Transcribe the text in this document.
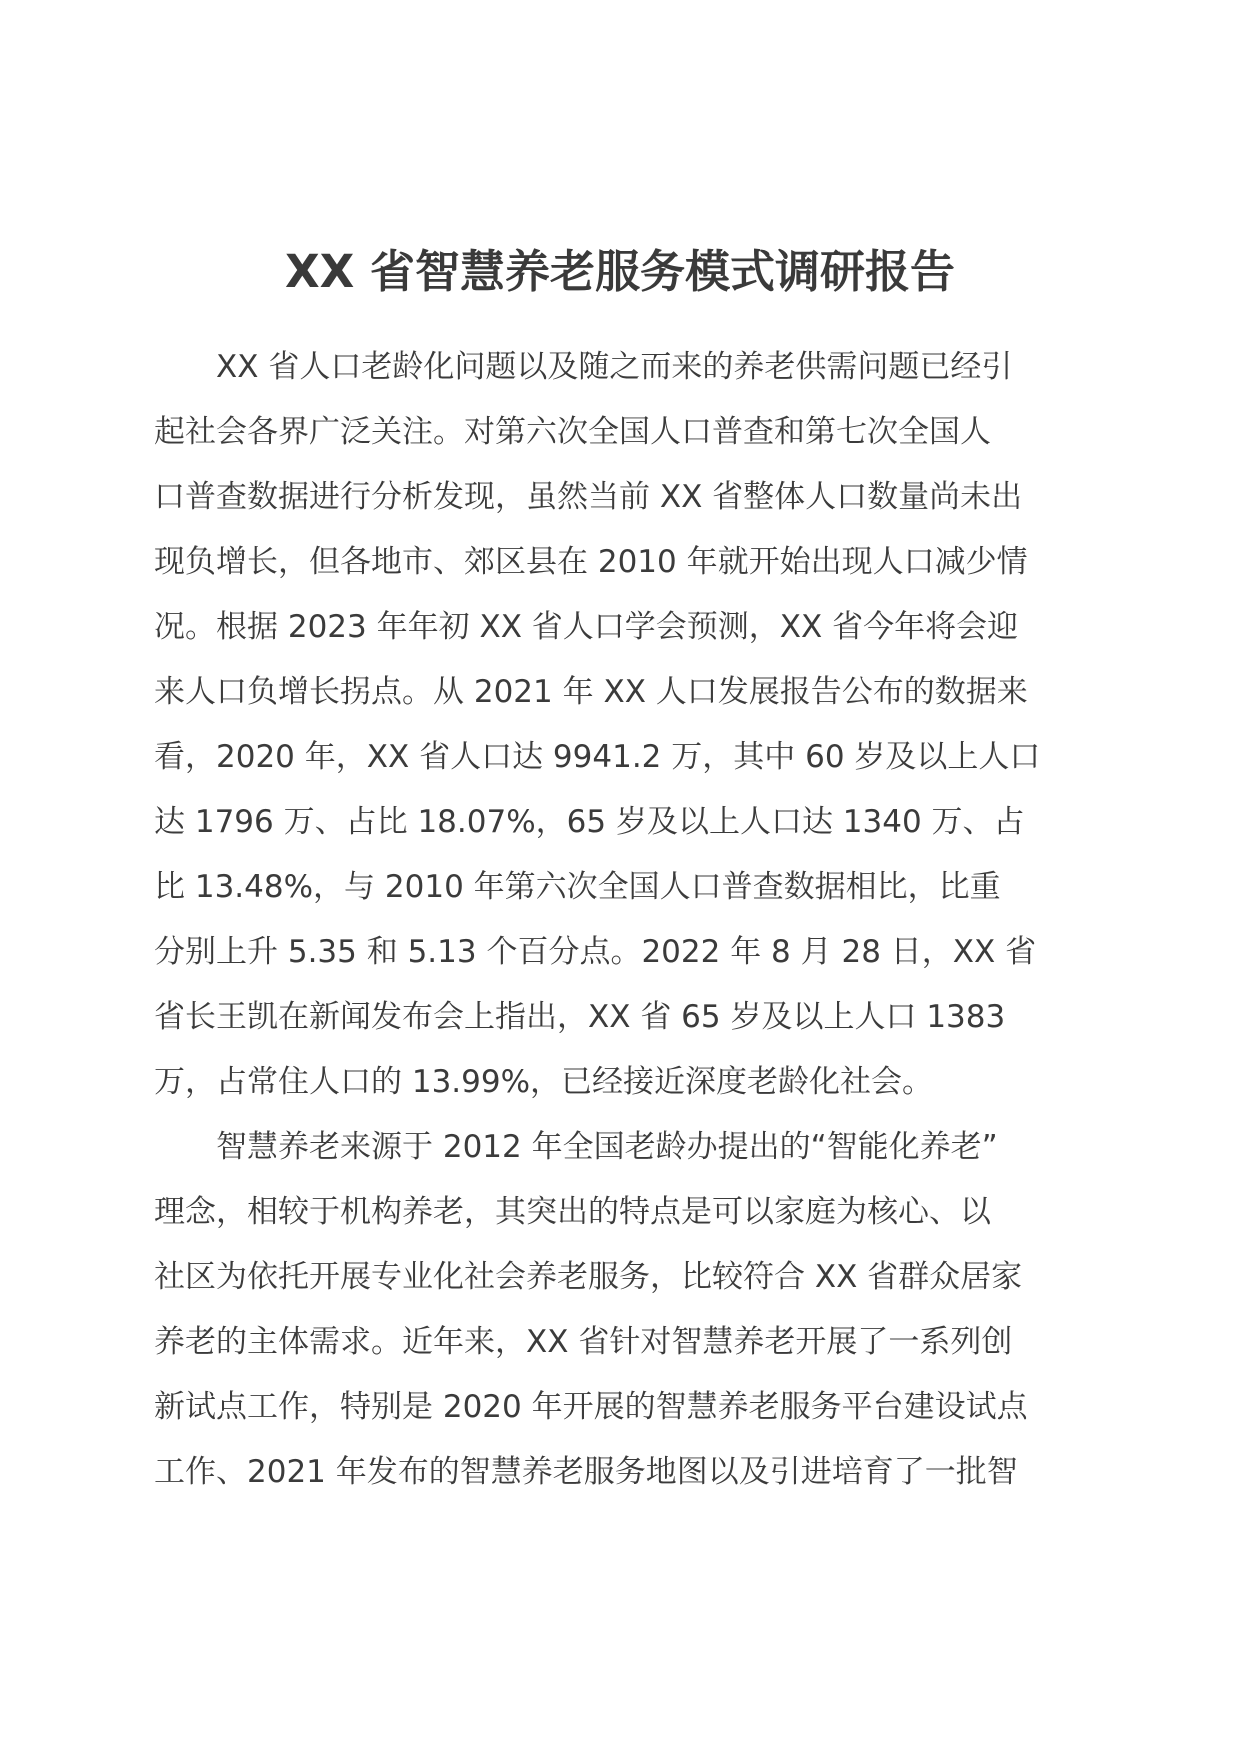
XX 省智慧养老服务模式调研报告
　　XX 省人口老龄化问题以及随之而来的养老供需问题已经引
起社会各界广泛关注。对第六次全国人口普查和第七次全国人
口普查数据进行分析发现，虽然当前 XX 省整体人口数量尚未出
现负增长，但各地市、郊区县在 2010 年就开始出现人口减少情
况。根据 2023 年年初 XX 省人口学会预测，XX 省今年将会迎
来人口负增长拐点。从 2021 年 XX 人口发展报告公布的数据来
看，2020 年，XX 省人口达 9941.2 万，其中 60 岁及以上人口
达 1796 万、占比 18.07%，65 岁及以上人口达 1340 万、占
比 13.48%，与 2010 年第六次全国人口普查数据相比，比重
分别上升 5.35 和 5.13 个百分点。2022 年 8 月 28 日，XX 省
省长王凯在新闻发布会上指出，XX 省 65 岁及以上人口 1383
万，占常住人口的 13.99%，已经接近深度老龄化社会。
　　智慧养老来源于 2012 年全国老龄办提出的“智能化养老”
理念，相较于机构养老，其突出的特点是可以家庭为核心、以
社区为依托开展专业化社会养老服务，比较符合 XX 省群众居家
养老的主体需求。近年来，XX 省针对智慧养老开展了一系列创
新试点工作，特别是 2020 年开展的智慧养老服务平台建设试点
工作、2021 年发布的智慧养老服务地图以及引进培育了一批智
